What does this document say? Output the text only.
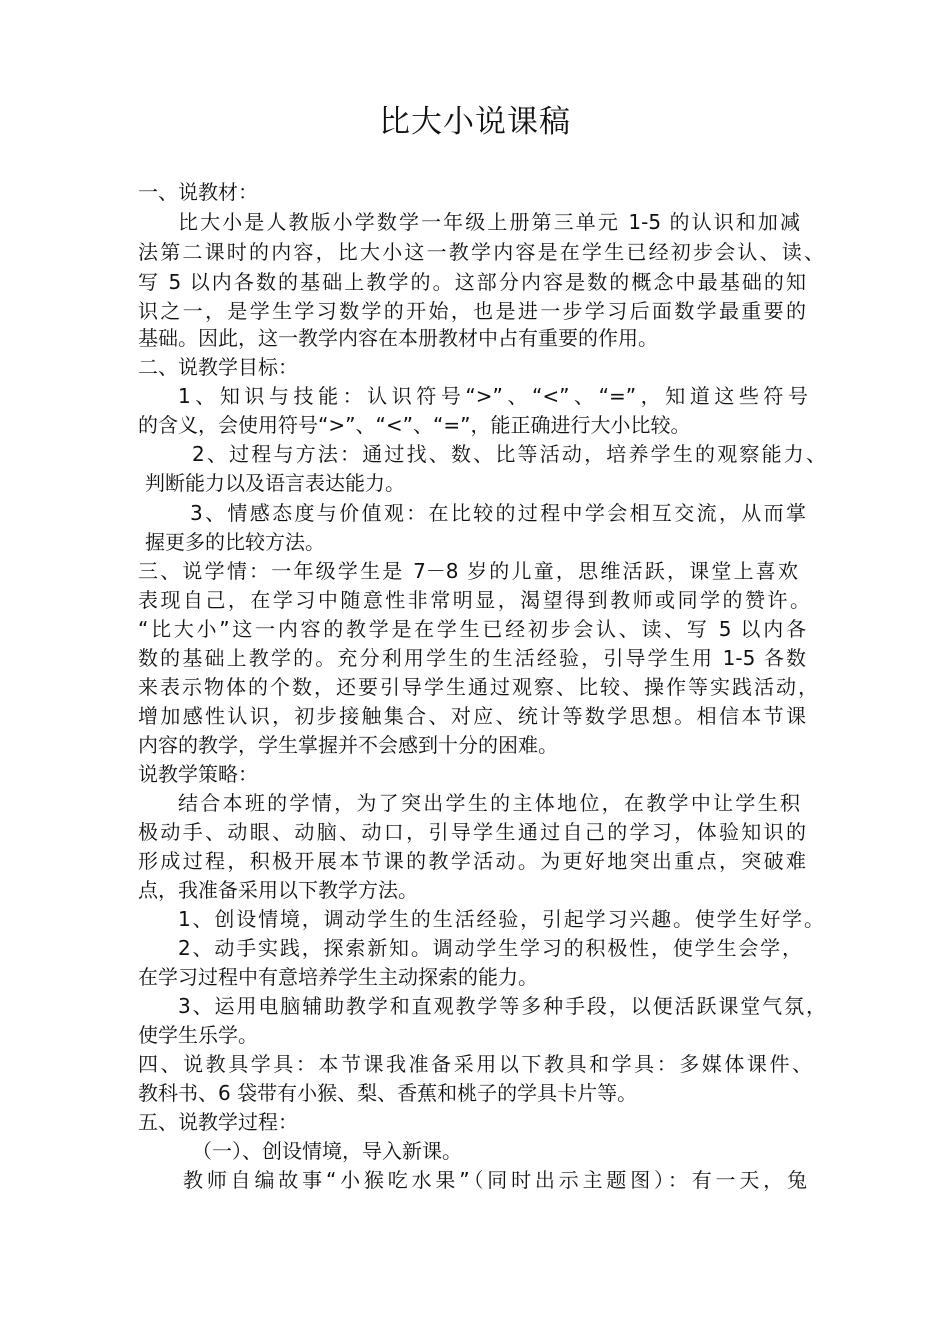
比大小说课稿
一、说教材：
比大小是人教版小学数学一年级上册第三单元 1-5 的认识和加减
法第二课时的内容，比大小这一教学内容是在学生已经初步会认、读、
写 5 以内各数的基础上教学的。这部分内容是数的概念中最基础的知
识之一，是学生学习数学的开始，也是进一步学习后面数学最重要的
基础。因此，这一教学内容在本册教材中占有重要的作用。
二、说教学目标：
1、知识与技能：认识符号“>”、“<”、“=”，知道这些符号
的含义，会使用符号“>”、“<”、“=”，能正确进行大小比较。
2、过程与方法：通过找、数、比等活动，培养学生的观察能力、
判断能力以及语言表达能力。
3、情感态度与价值观：在比较的过程中学会相互交流，从而掌
握更多的比较方法。
三、说学情：一年级学生是 7－8 岁的儿童，思维活跃，课堂上喜欢
表现自己，在学习中随意性非常明显，渴望得到教师或同学的赞许。
“比大小”这一内容的教学是在学生已经初步会认、读、写 5 以内各
数的基础上教学的。充分利用学生的生活经验，引导学生用 1-5 各数
来表示物体的个数，还要引导学生通过观察、比较、操作等实践活动，
增加感性认识，初步接触集合、对应、统计等数学思想。相信本节课
内容的教学，学生掌握并不会感到十分的困难。
说教学策略：
结合本班的学情，为了突出学生的主体地位，在教学中让学生积
极动手、动眼、动脑、动口，引导学生通过自己的学习，体验知识的
形成过程，积极开展本节课的教学活动。为更好地突出重点，突破难
点，我准备采用以下教学方法。
1、创设情境，调动学生的生活经验，引起学习兴趣。使学生好学。
2、动手实践，探索新知。调动学生学习的积极性，使学生会学，
在学习过程中有意培养学生主动探索的能力。
3、运用电脑辅助教学和直观教学等多种手段，以便活跃课堂气氛，
使学生乐学。
四、说教具学具：本节课我准备采用以下教具和学具：多媒体课件、
教科书、6 袋带有小猴、梨、香蕉和桃子的学具卡片等。
五、说教学过程：
（一）、创设情境，导入新课。
教师自编故事“小猴吃水果”（同时出示主题图）：有一天，兔
